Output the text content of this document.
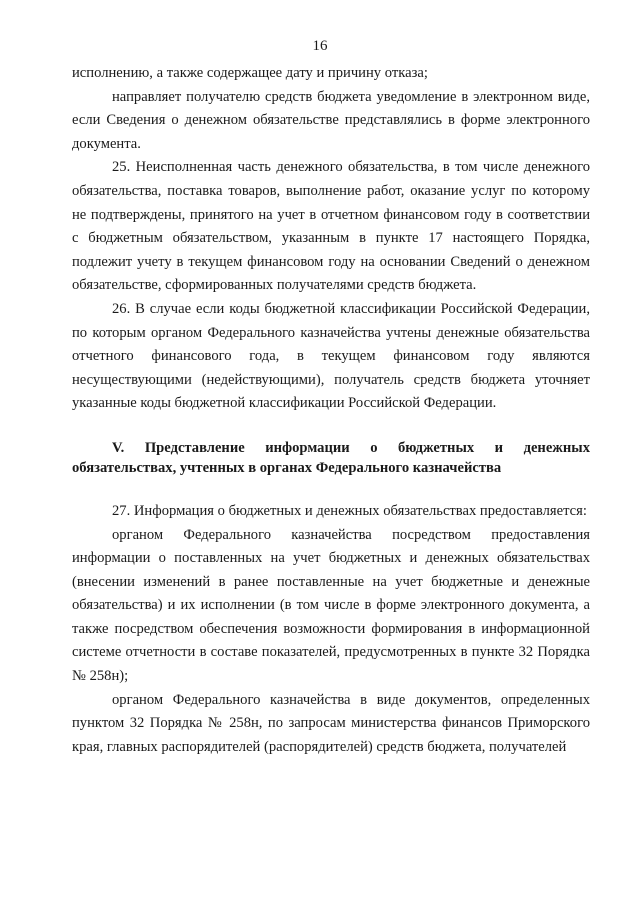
16

исполнению, а также содержащее дату и причину отказа;

направляет получателю средств бюджета уведомление в электронном виде, если Сведения о денежном обязательстве представлялись в форме электронного документа.

25. Неисполненная часть денежного обязательства, в том числе денежного обязательства, поставка товаров, выполнение работ, оказание услуг по которому не подтверждены, принятого на учет в отчетном финансовом году в соответствии с бюджетным обязательством, указанным в пункте 17 настоящего Порядка, подлежит учету в текущем финансовом году на основании Сведений о денежном обязательстве, сформированных получателями средств бюджета.

26. В случае если коды бюджетной классификации Российской Федерации, по которым органом Федерального казначейства учтены денежные обязательства отчетного финансового года, в текущем финансовом году являются несуществующими (недействующими), получатель средств бюджета уточняет указанные коды бюджетной классификации Российской Федерации.

V. Представление информации о бюджетных и денежных обязательствах, учтенных в органах Федерального казначейства

27. Информация о бюджетных и денежных обязательствах предоставляется:

органом Федерального казначейства посредством предоставления информации о поставленных на учет бюджетных и денежных обязательствах (внесении изменений в ранее поставленные на учет бюджетные и денежные обязательства) и их исполнении (в том числе в форме электронного документа, а также посредством обеспечения возможности формирования в информационной системе отчетности в составе показателей, предусмотренных в пункте 32 Порядка № 258н);

органом Федерального казначейства в виде документов, определенных пунктом 32 Порядка № 258н, по запросам министерства финансов Приморского края, главных распорядителей (распорядителей) средств бюджета, получателей
